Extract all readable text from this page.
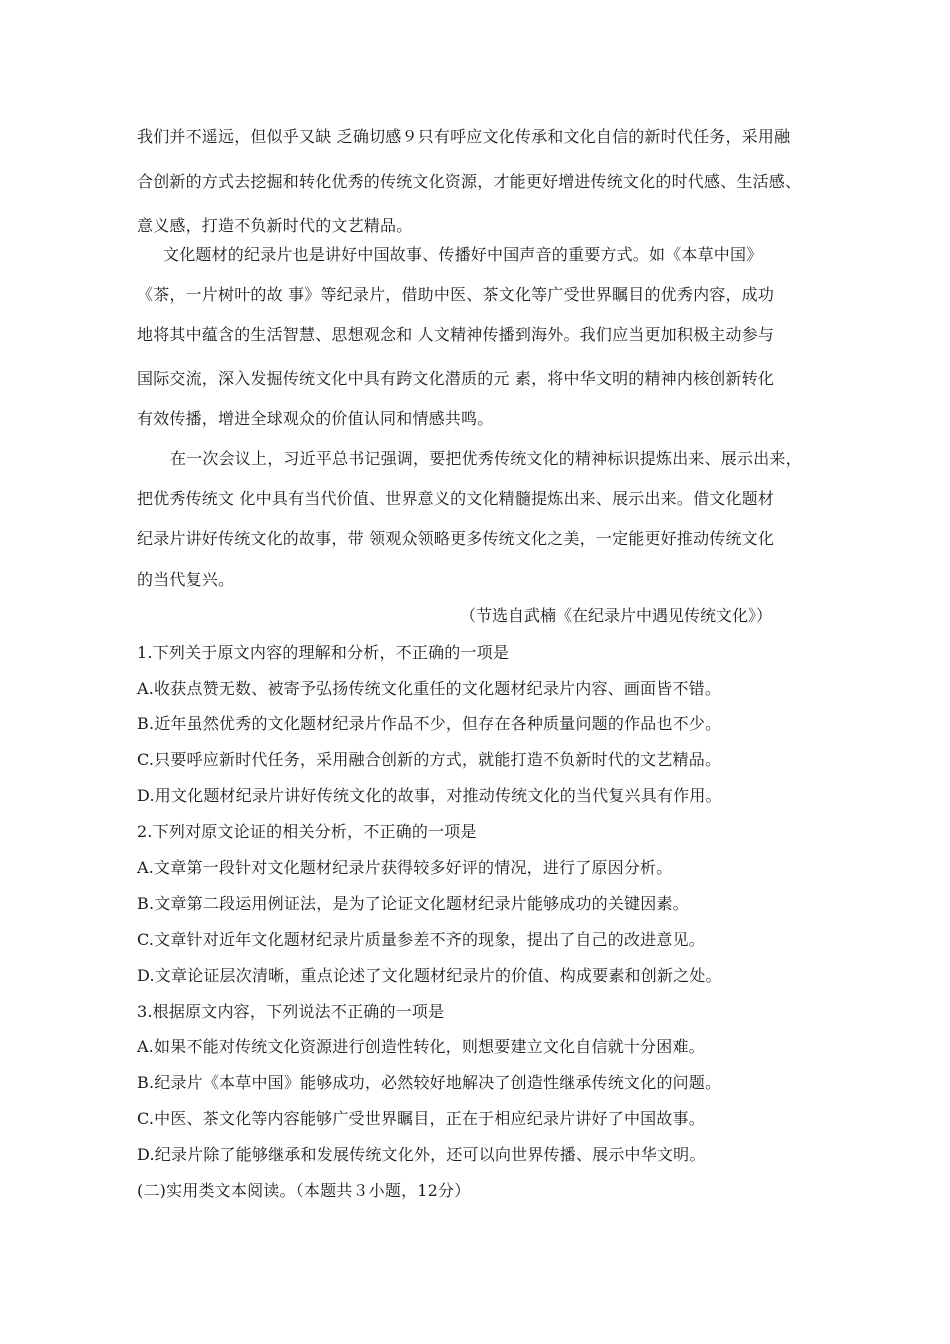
我们并不遥远，但似乎又缺 乏确切感９只有呼应文化传承和文化自信的新时代任务，采用融
合创新的方式去挖掘和转化优秀的传统文化资源，才能更好增进传统文化的时代感、生活感、
意义感，打造不负新时代的文艺精品。
文化题材的纪录片也是讲好中国故事、传播好中国声音的重要方式。如《本草中国》
《茶，一片树叶的故 事》等纪录片，借助中医、茶文化等广受世界瞩目的优秀内容，成功
地将其中蕴含的生活智慧、思想观念和 人文精神传播到海外。我们应当更加积极主动参与
国际交流，深入发掘传统文化中具有跨文化潜质的元 素，将中华文明的精神内核创新转化
有效传播，增进全球观众的价值认同和情感共鸣。
在一次会议上，习近平总书记强调，要把优秀传统文化的精神标识提炼出来、展示出来，
把优秀传统文 化中具有当代价值、世界意义的文化精髓提炼出来、展示出来。借文化题材
纪录片讲好传统文化的故事，带 领观众领略更多传统文化之美，一定能更好推动传统文化
的当代复兴。
（节选自武楠《在纪录片中遇见传统文化》）
1.下列关于原文内容的理解和分析，不正确的一项是
A.收获点赞无数、被寄予弘扬传统文化重任的文化题材纪录片内容、画面皆不错。
B.近年虽然优秀的文化题材纪录片作品不少，但存在各种质量问题的作品也不少。
C.只要呼应新时代任务，采用融合创新的方式，就能打造不负新时代的文艺精品。
D.用文化题材纪录片讲好传统文化的故事，对推动传统文化的当代复兴具有作用。
2.下列对原文论证的相关分析，不正确的一项是
A.文章第一段针对文化题材纪录片获得较多好评的情况，进行了原因分析。
B.文章第二段运用例证法，是为了论证文化题材纪录片能够成功的关键因素。
C.文章针对近年文化题材纪录片质量参差不齐的现象，提出了自己的改进意见。
D.文章论证层次清晰，重点论述了文化题材纪录片的价值、构成要素和创新之处。
3.根据原文内容，下列说法不正确的一项是
A.如果不能对传统文化资源进行创造性转化，则想要建立文化自信就十分困难。
B.纪录片《本草中国》能够成功，必然较好地解决了创造性继承传统文化的问题。
C.中医、茶文化等内容能够广受世界瞩目，正在于相应纪录片讲好了中国故事。
D.纪录片除了能够继承和发展传统文化外，还可以向世界传播、展示中华文明。
(二)实用类文本阅读。（本题共３小题，12分）
